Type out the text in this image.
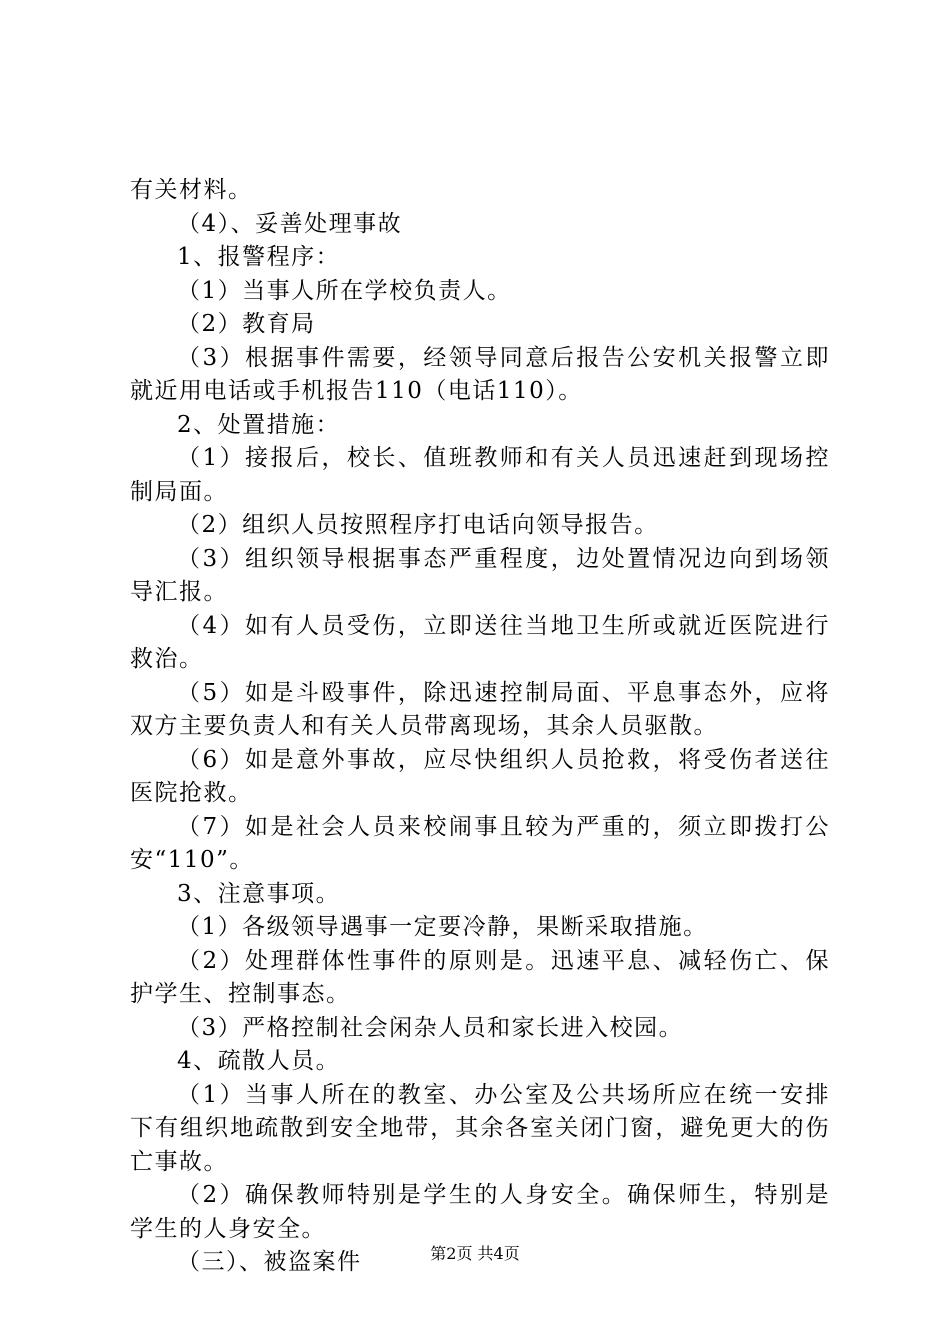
有关材料。

（4）、妥善处理事故

1、报警程序：

（1）当事人所在学校负责人。

（2）教育局

（3）根据事件需要，经领导同意后报告公安机关报警立即就近用电话或手机报告110（电话110）。

2、处置措施：

（1）接报后，校长、值班教师和有关人员迅速赶到现场控制局面。

（2）组织人员按照程序打电话向领导报告。

（3）组织领导根据事态严重程度，边处置情况边向到场领导汇报。

（4）如有人员受伤，立即送往当地卫生所或就近医院进行救治。

（5）如是斗殴事件，除迅速控制局面、平息事态外，应将双方主要负责人和有关人员带离现场，其余人员驱散。

（6）如是意外事故，应尽快组织人员抢救，将受伤者送往医院抢救。

（7）如是社会人员来校闹事且较为严重的，须立即拨打公安“110”。

3、注意事项。

（1）各级领导遇事一定要冷静，果断采取措施。

（2）处理群体性事件的原则是。迅速平息、减轻伤亡、保护学生、控制事态。

（3）严格控制社会闲杂人员和家长进入校园。

4、疏散人员。

（1）当事人所在的教室、办公室及公共场所应在统一安排下有组织地疏散到安全地带，其余各室关闭门窗，避免更大的伤亡事故。

（2）确保教师特别是学生的人身安全。确保师生，特别是学生的人身安全。

（三）、被盗案件	第2页 共4页
